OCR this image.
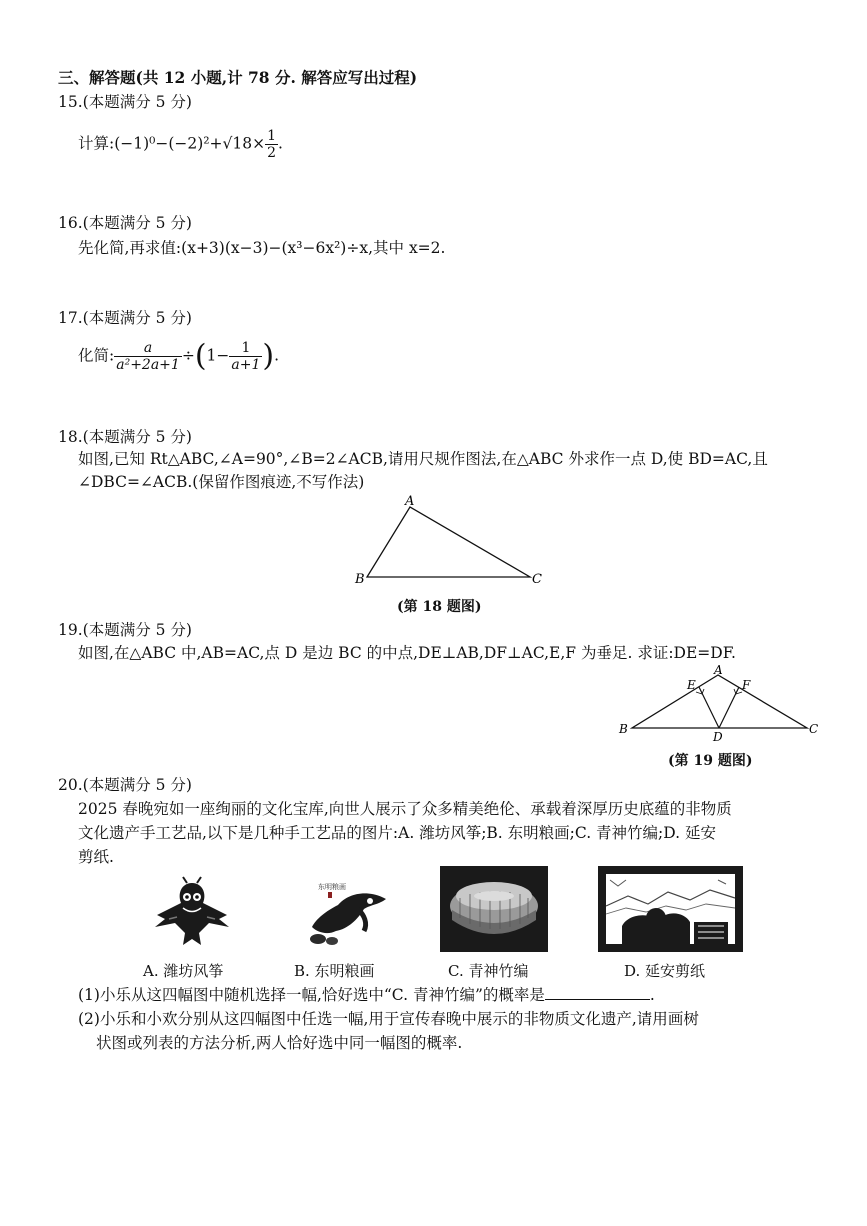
三、解答题(共 12 小题,计 78 分. 解答应写出过程)
15.(本题满分 5 分)
计算:(−1)⁰−(−2)²+√18× $\frac{1}{2}$ .
16.(本题满分 5 分)
先化简,再求值:(x+3)(x−3)−(x³−6x²)÷x,其中 x=2.
17.(本题满分 5 分)
化简: $\frac{a}{\text{a²+2a+1}} \div(1- \frac{1}{a+1}$ ).
18.(本题满分 5 分)
如图,已知 Rt△ABC,∠A=90°,∠B=2∠ACB,请用尺规作图法,在△ABC 外求作一点 D,使 BD=AC,且
∠DBC=∠ACB.(保留作图痕迹,不写作法)
A
B	C
(第 18 题图)
19.(本题满分 5 分)
如图,在△ABC 中,AB=AC,点 D 是边 BC 的中点,DE⊥AB,DF⊥AC,E,F 为垂足. 求证:DE=DF.
A
B	C
D
E	F
(第 19 题图)
20.(本题满分 5 分)
2025 春晚宛如一座绚丽的文化宝库,向世人展示了众多精美绝伦、承载着深厚历史底蕴的非物质
文化遗产手工艺品,以下是几种手工艺品的图片:A. 潍坊风筝;B. 东明粮画;C. 青神竹编;D. 延安
剪纸.
东明粮画
A. 潍坊风筝	B. 东明粮画	C. 青神竹编	D. 延安剪纸
(1)小乐从这四幅图中随机选择一幅,恰好选中“C. 青神竹编”的概率是	.
(2)小乐和小欢分别从这四幅图中任选一幅,用于宣传春晚中展示的非物质文化遗产,请用画树
状图或列表的方法分析,两人恰好选中同一幅图的概率.
